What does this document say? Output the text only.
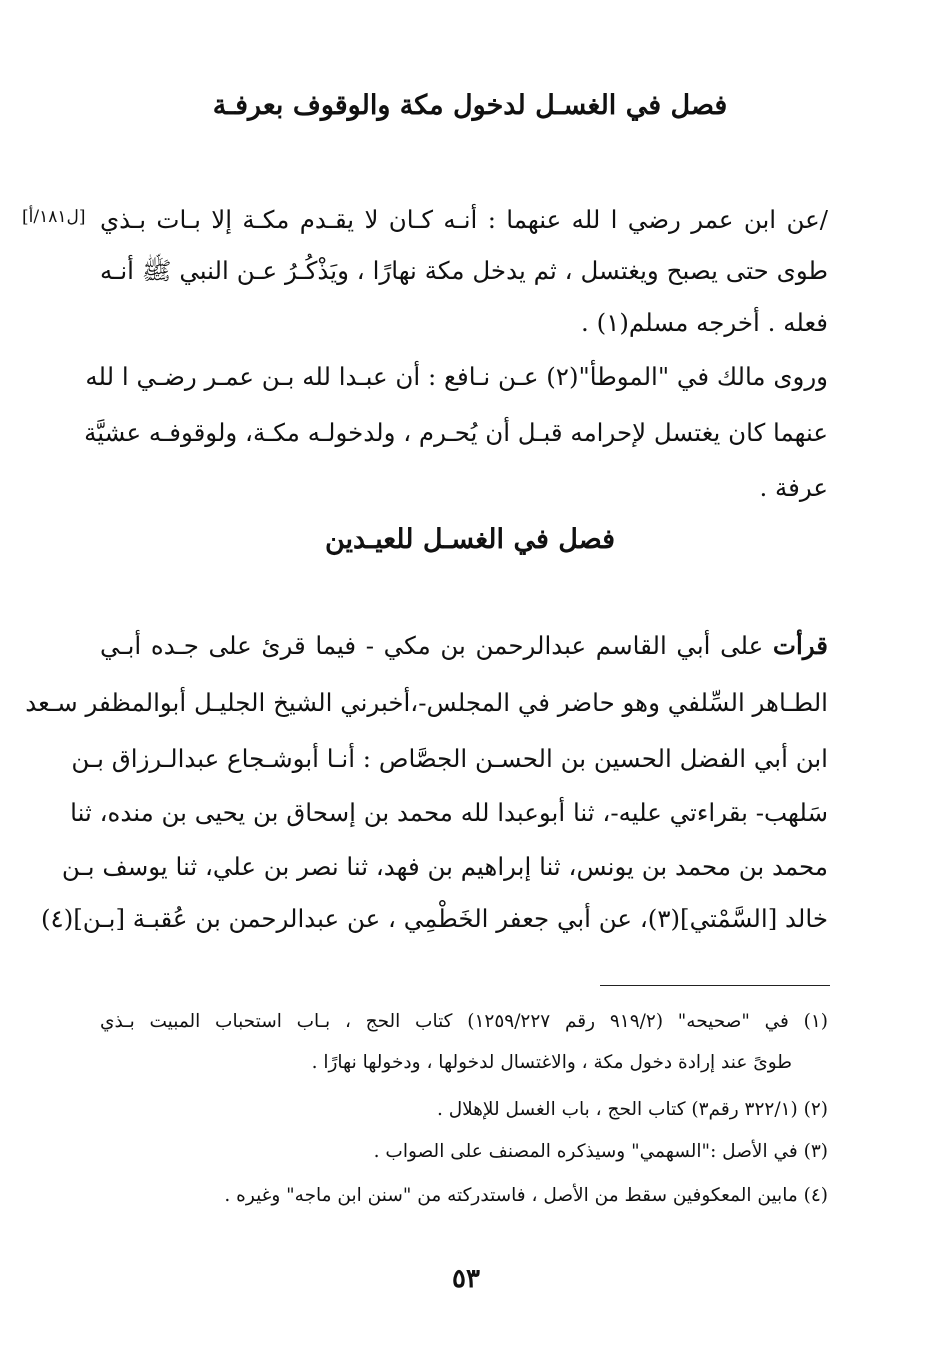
فصل في الغسـل لدخول مكة والوقوف بعرفـة
[ل١٨١/أ] /عن ابن عمر رضي ا لله عنهما : أنـه كـان لا يقـدم مكـة إلا بـات بـذي
طوى حتى يصبح ويغتسل ، ثم يدخل مكة نهارًا ، ويَذْكُـرُ عـن النبي ﷺ أنـه
فعله . أخرجه مسلم(١) .
وروى مالك في "الموطأ"(٢) عـن نـافع : أن عبـدا لله بـن عمـر رضـي ا لله
عنهما كان يغتسل لإحرامه قبـل أن يُحـرم ، ولدخولـه مكـة، ولوقوفـه عشيَّة
عرفة .
فصل في الغسـل للعيـدين
قرأت على أبي القاسم عبدالرحمن بن مكي - فيما قرئ على جـده أبـي
الطـاهر السِّلفي وهو حاضر في المجلس-،أخبرني الشيخ الجليـل أبوالمظفر سـعد
ابن أبي الفضل الحسين بن الحسـن الجصَّاص : أنـا أبوشـجاع عبدالـرزاق بـن
سَلهب- بقراءتي عليه-، ثنا أبوعبدا لله محمد بن إسحاق بن يحيى بن منده، ثنا
محمد بن محمد بن يونس، ثنا إبراهيم بن فهد، ثنا نصر بن علي، ثنا يوسف بـن
خالد [السَّمْتي](٣)، عن أبي جعفر الخَطْمِي ، عن عبدالرحمن بن عُقبـة [بـن](٤)
(١) في "صحيحه" (٩١٩/٢ رقم ١٢٥٩/٢٢٧) كتاب الحج ، بـاب استحباب المبيت بـذي
طوىً عند إرادة دخول مكة ، والاغتسال لدخولها ، ودخولها نهارًا .
(٢) (٣٢٢/١ رقم٣) كتاب الحج ، باب الغسل للإهلال .
(٣) في الأصل :"السهمي" وسيذكره المصنف على الصواب .
(٤) مابين المعكوفين سقط من الأصل ، فاستدركته من "سنن ابن ماجه" وغيره .
٥٣
